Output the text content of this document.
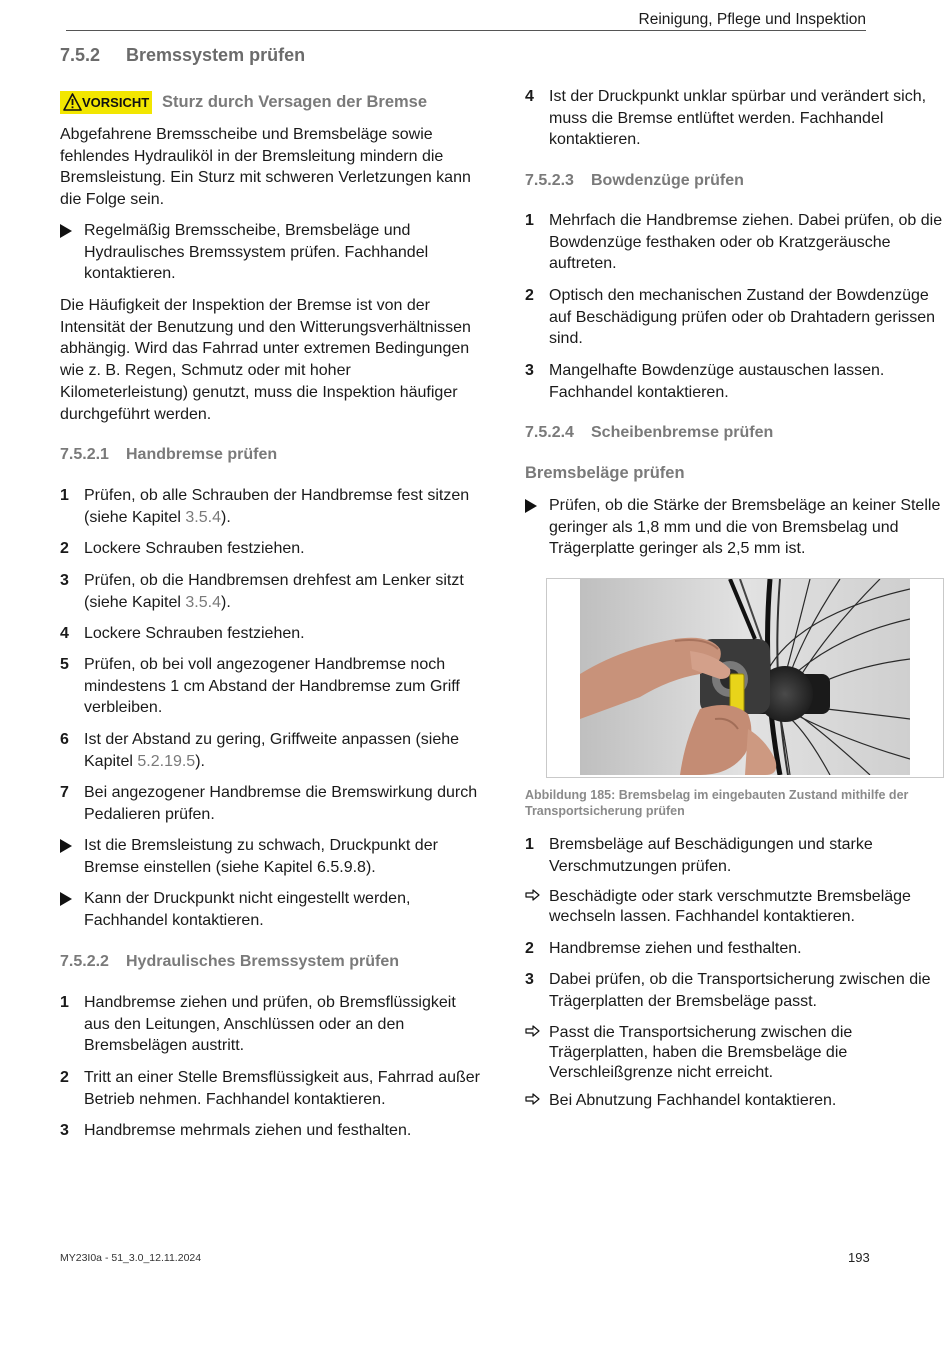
Reinigung, Pflege und Inspektion
7.5.2 Bremssystem prüfen
VORSICHT Sturz durch Versagen der Bremse
Abgefahrene Bremsscheibe und Bremsbeläge sowie fehlendes Hydrauliköl in der Bremsleitung mindern die Bremsleistung. Ein Sturz mit schweren Verletzungen kann die Folge sein.
Regelmäßig Bremsscheibe, Bremsbeläge und Hydraulisches Bremssystem prüfen. Fachhandel kontaktieren.
Die Häufigkeit der Inspektion der Bremse ist von der Intensität der Benutzung und den Witterungsverhältnissen abhängig. Wird das Fahrrad unter extremen Bedingungen wie z. B. Regen, Schmutz oder mit hoher Kilometerleistung) genutzt, muss die Inspektion häufiger durchgeführt werden.
7.5.2.1 Handbremse prüfen
1 Prüfen, ob alle Schrauben der Handbremse fest sitzen (siehe Kapitel 3.5.4).
2 Lockere Schrauben festziehen.
3 Prüfen, ob die Handbremsen drehfest am Lenker sitzt (siehe Kapitel 3.5.4).
4 Lockere Schrauben festziehen.
5 Prüfen, ob bei voll angezogener Handbremse noch mindestens 1 cm Abstand der Handbremse zum Griff verbleiben.
6 Ist der Abstand zu gering, Griffweite anpassen (siehe Kapitel 5.2.19.5).
7 Bei angezogener Handbremse die Bremswirkung durch Pedalieren prüfen.
Ist die Bremsleistung zu schwach, Druckpunkt der Bremse einstellen (siehe Kapitel 6.5.9.8).
Kann der Druckpunkt nicht eingestellt werden, Fachhandel kontaktieren.
7.5.2.2 Hydraulisches Bremssystem prüfen
1 Handbremse ziehen und prüfen, ob Bremsflüssigkeit aus den Leitungen, Anschlüssen oder an den Bremsbelägen austritt.
2 Tritt an einer Stelle Bremsflüssigkeit aus, Fahrrad außer Betrieb nehmen. Fachhandel kontaktieren.
3 Handbremse mehrmals ziehen und festhalten.
4 Ist der Druckpunkt unklar spürbar und verändert sich, muss die Bremse entlüftet werden. Fachhandel kontaktieren.
7.5.2.3 Bowdenzüge prüfen
1 Mehrfach die Handbremse ziehen. Dabei prüfen, ob die Bowdenzüge festhaken oder ob Kratzgeräusche auftreten.
2 Optisch den mechanischen Zustand der Bowdenzüge auf Beschädigung prüfen oder ob Drahtadern gerissen sind.
3 Mangelhafte Bowdenzüge austauschen lassen. Fachhandel kontaktieren.
7.5.2.4 Scheibenbremse prüfen
Bremsbeläge prüfen
Prüfen, ob die Stärke der Bremsbeläge an keiner Stelle geringer als 1,8 mm und die von Bremsbelag und Trägerplatte geringer als 2,5 mm ist.
Abbildung 185: Bremsbelag im eingebauten Zustand mithilfe der Transportsicherung prüfen
1 Bremsbeläge auf Beschädigungen und starke Verschmutzungen prüfen.
Beschädigte oder stark verschmutzte Bremsbeläge wechseln lassen. Fachhandel kontaktieren.
2 Handbremse ziehen und festhalten.
3 Dabei prüfen, ob die Transportsicherung zwischen die Trägerplatten der Bremsbeläge passt.
Passt die Transportsicherung zwischen die Trägerplatten, haben die Bremsbeläge die Verschleißgrenze nicht erreicht.
Bei Abnutzung Fachhandel kontaktieren.
MY23I0a - 51_3.0_12.11.2024	193
